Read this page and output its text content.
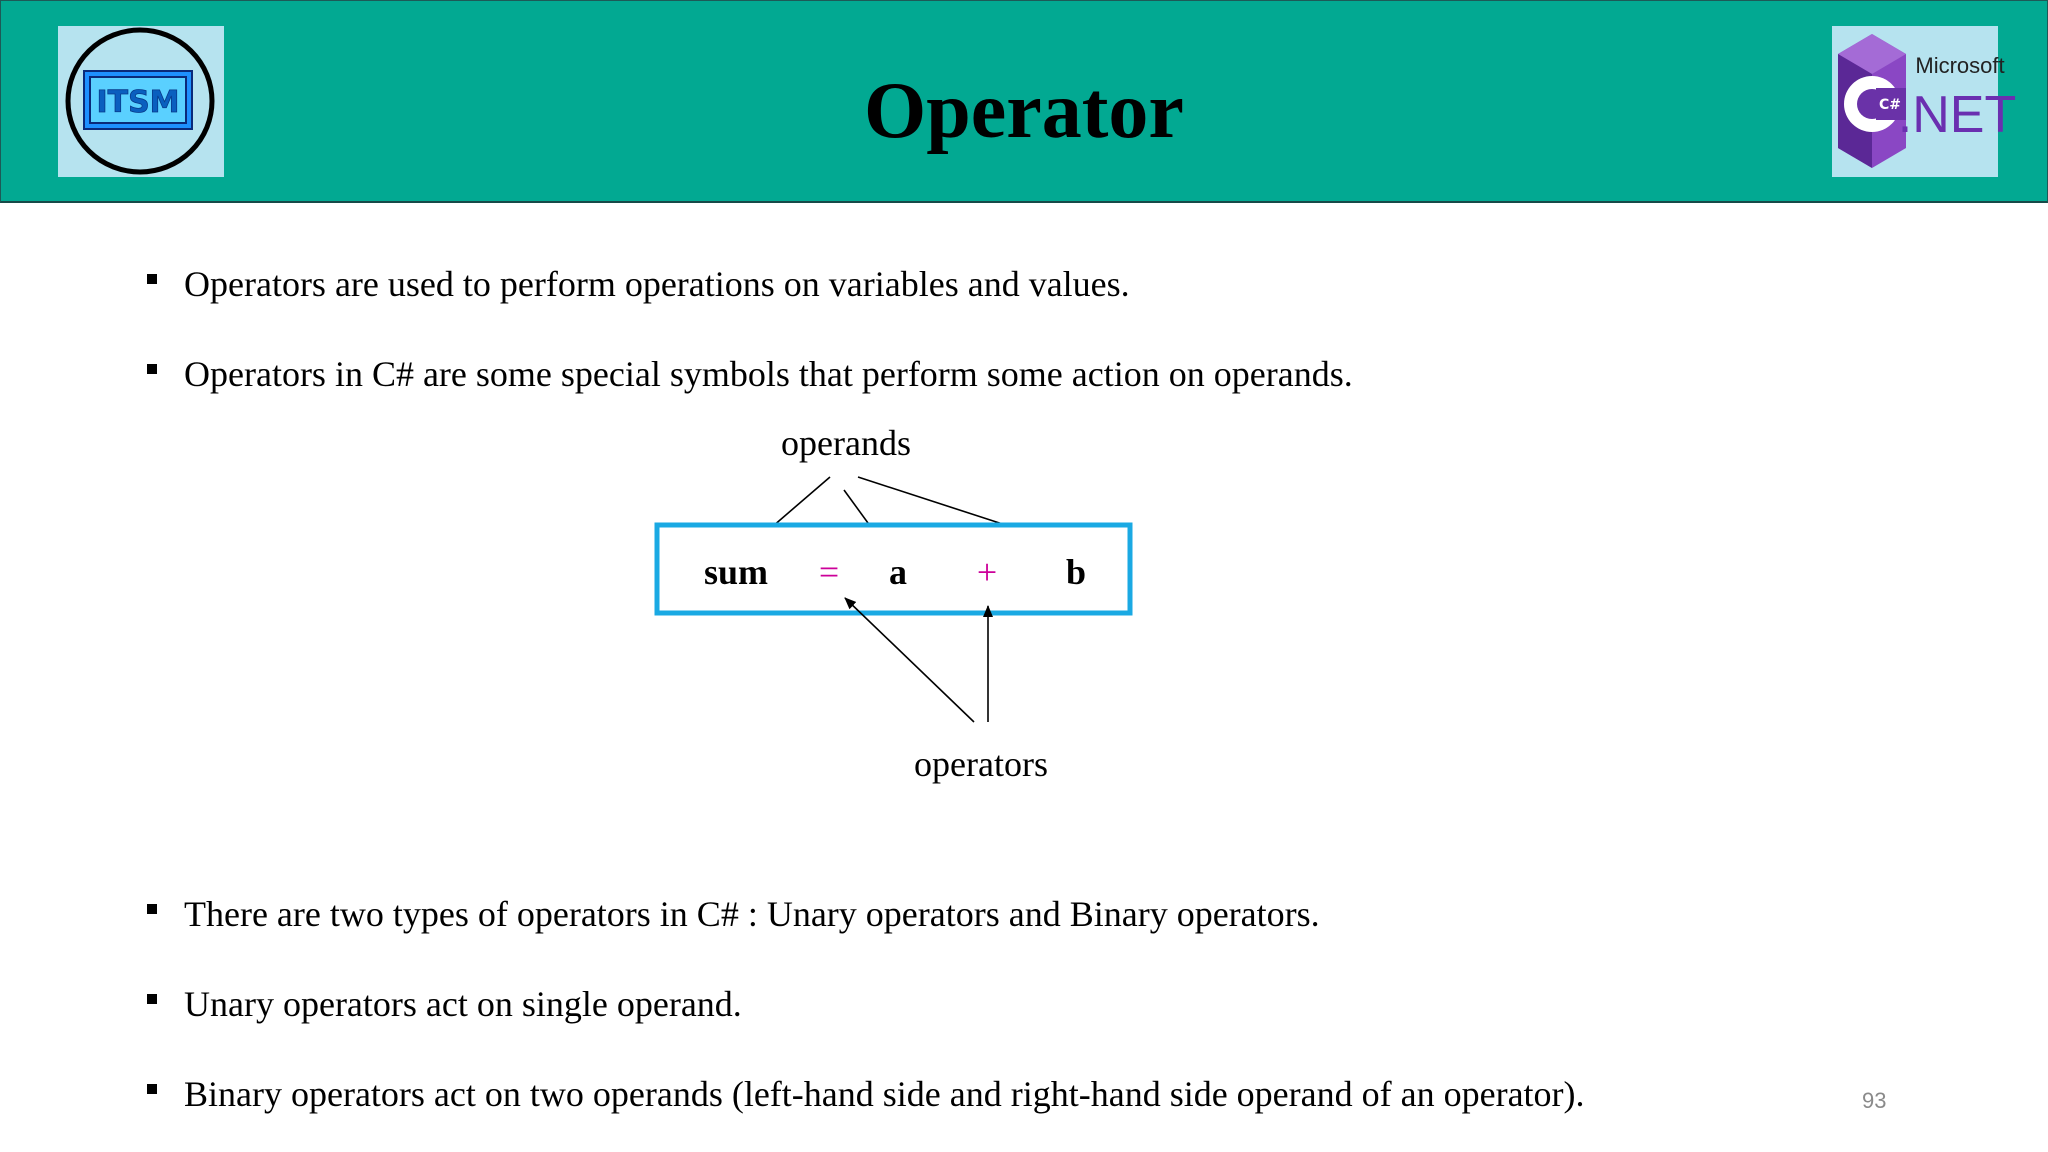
ITSM	Operator	C#
Microsoft
.NET
Operators are used to perform operations on variables and values.
Operators in C# are some special symbols that perform some action on operands.
There are two types of operators in C# : Unary operators and Binary operators.
Unary operators act on single operand.
Binary operators act on two operands (left-hand side and right-hand side operand of an operator).
operands
sum = a + b
operators
93
